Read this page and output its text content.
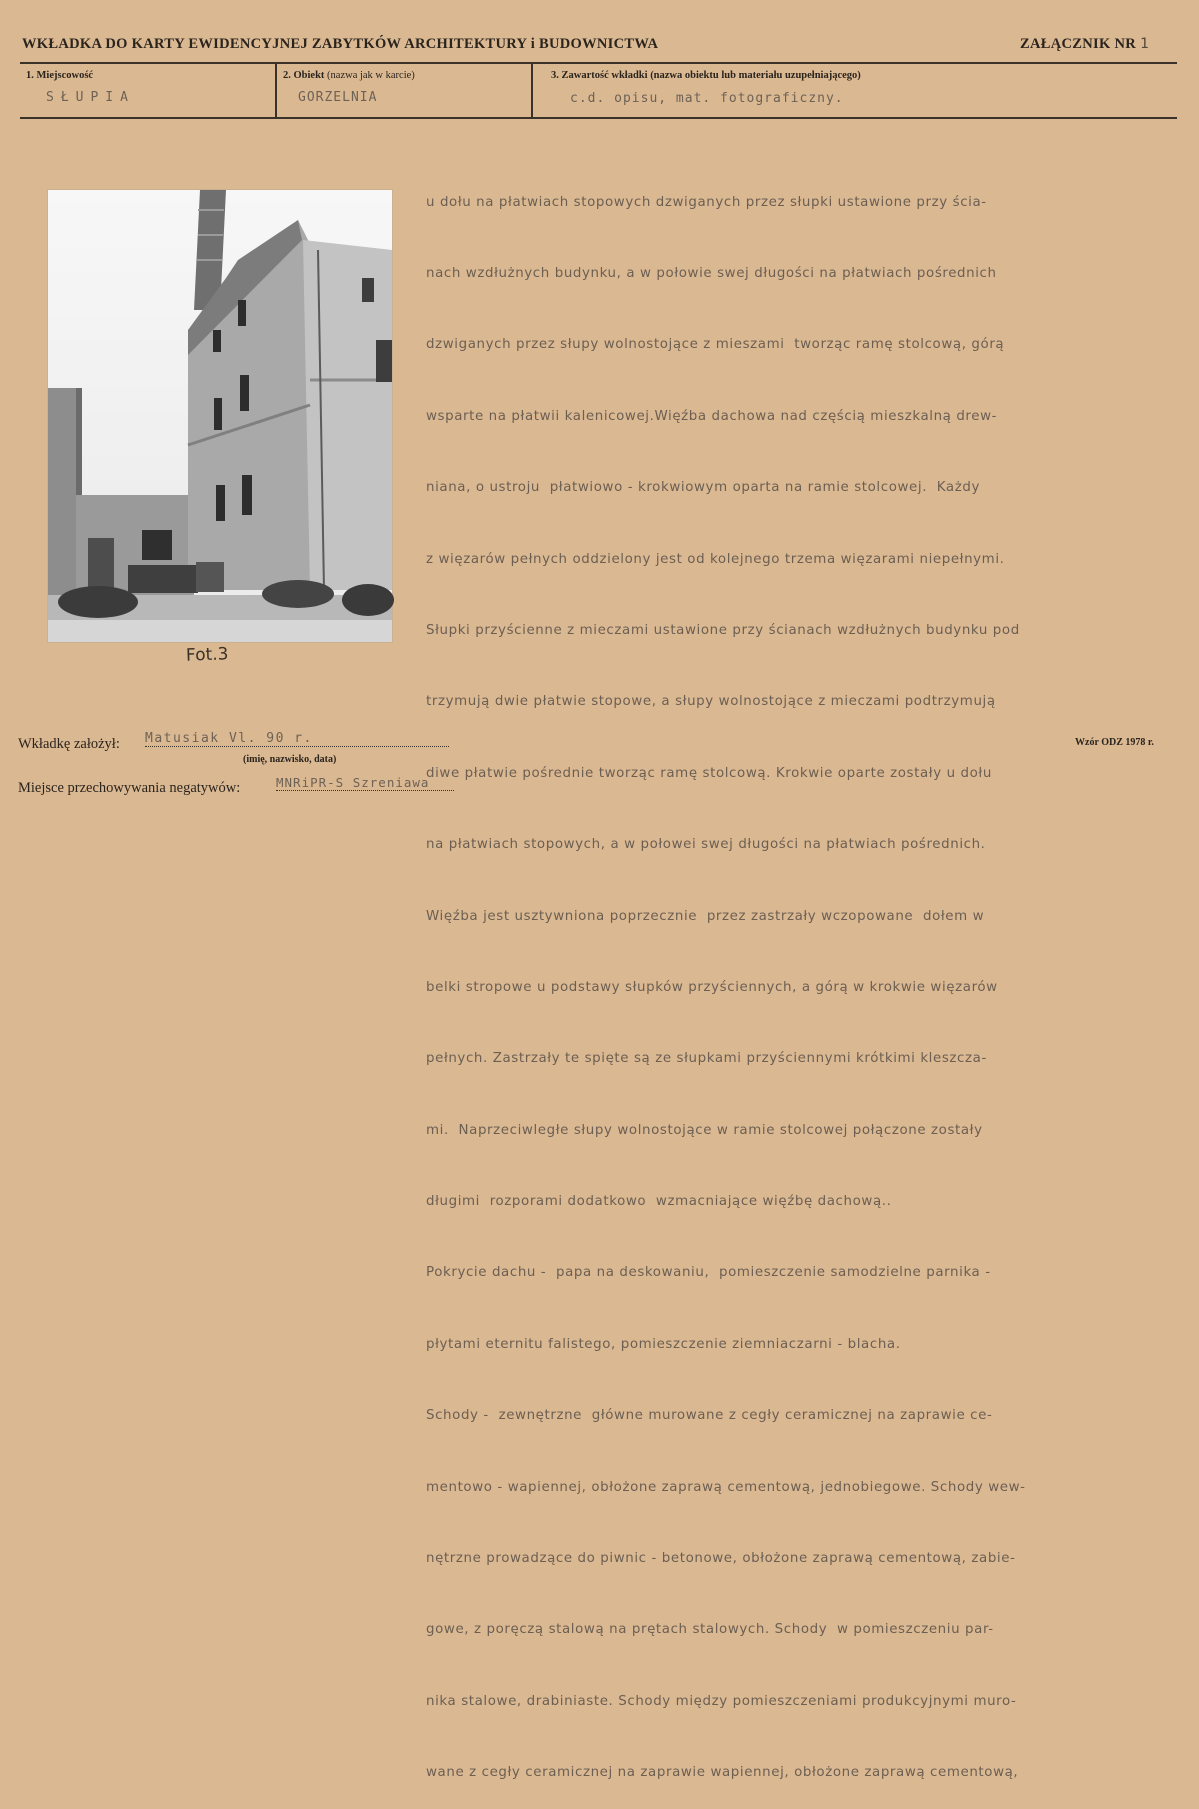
WKŁADKA DO KARTY EWIDENCYJNEJ ZABYTKÓW ARCHITEKTURY i BUDOWNICTWA	ZAŁĄCZNIK NR 1
1. Miejscowość
SŁUPIA
2. Obiekt (nazwa jak w karcie)
GORZELNIA
3. Zawartość wkładki (nazwa obiektu lub materiału uzupełniającego)
c.d. opisu, mat. fotograficzny.
Fot.3

u dołu na płatwiach stopowych dzwiganych przez słupki ustawione przy ścia-

nach wzdłużnych budynku, a w połowie swej długości na płatwiach pośrednich

dzwiganych przez słupy wolnostojące z mieszami  tworząc ramę stolcową, górą

wsparte na płatwii kalenicowej.Więźba dachowa nad częścią mieszkalną drew-

niana, o ustroju  płatwiowo - krokwiowym oparta na ramie stolcowej.  Każdy

z więzarów pełnych oddzielony jest od kolejnego trzema więzarami niepełnymi.

Słupki przyścienne z mieczami ustawione przy ścianach wzdłużnych budynku pod

trzymują dwie płatwie stopowe, a słupy wolnostojące z mieczami podtrzymują

diwe płatwie pośrednie tworząc ramę stolcową. Krokwie oparte zostały u dołu

na płatwiach stopowych, a w połowei swej długości na płatwiach pośrednich.

Więźba jest usztywniona poprzecznie  przez zastrzały wczopowane  dołem w

belki stropowe u podstawy słupków przyściennych, a górą w krokwie więzarów

pełnych. Zastrzały te spięte są ze słupkami przyściennymi krótkimi kleszcza-

mi.  Naprzeciwległe słupy wolnostojące w ramie stolcowej połączone zostały

długimi  rozporami dodatkowo  wzmacniające więźbę dachową..

Pokrycie dachu -  papa na deskowaniu,  pomieszczenie samodzielne parnika -

płytami eternitu falistego, pomieszczenie ziemniaczarni - blacha.

Schody -  zewnętrzne  główne murowane z cegły ceramicznej na zaprawie ce-

mentowo - wapiennej, obłożone zaprawą cementową, jednobiegowe. Schody wew-

nętrzne prowadzące do piwnic - betonowe, obłożone zaprawą cementową, zabie-

gowe, z poręczą stalową na prętach stalowych. Schody  w pomieszczeniu par-

nika stalowe, drabiniaste. Schody między pomieszczeniami produkcyjnymi muro-

wane z cegły ceramicznej na zaprawie wapiennej, obłożone zaprawą cementową,

Wkładkę założył: Matusiak Vl. 90 r.
(imię, nazwisko, data)
Miejsce przechowywania negatywów:	MNRiPR-S Szreniawa
Wzór ODZ 1978 r.
